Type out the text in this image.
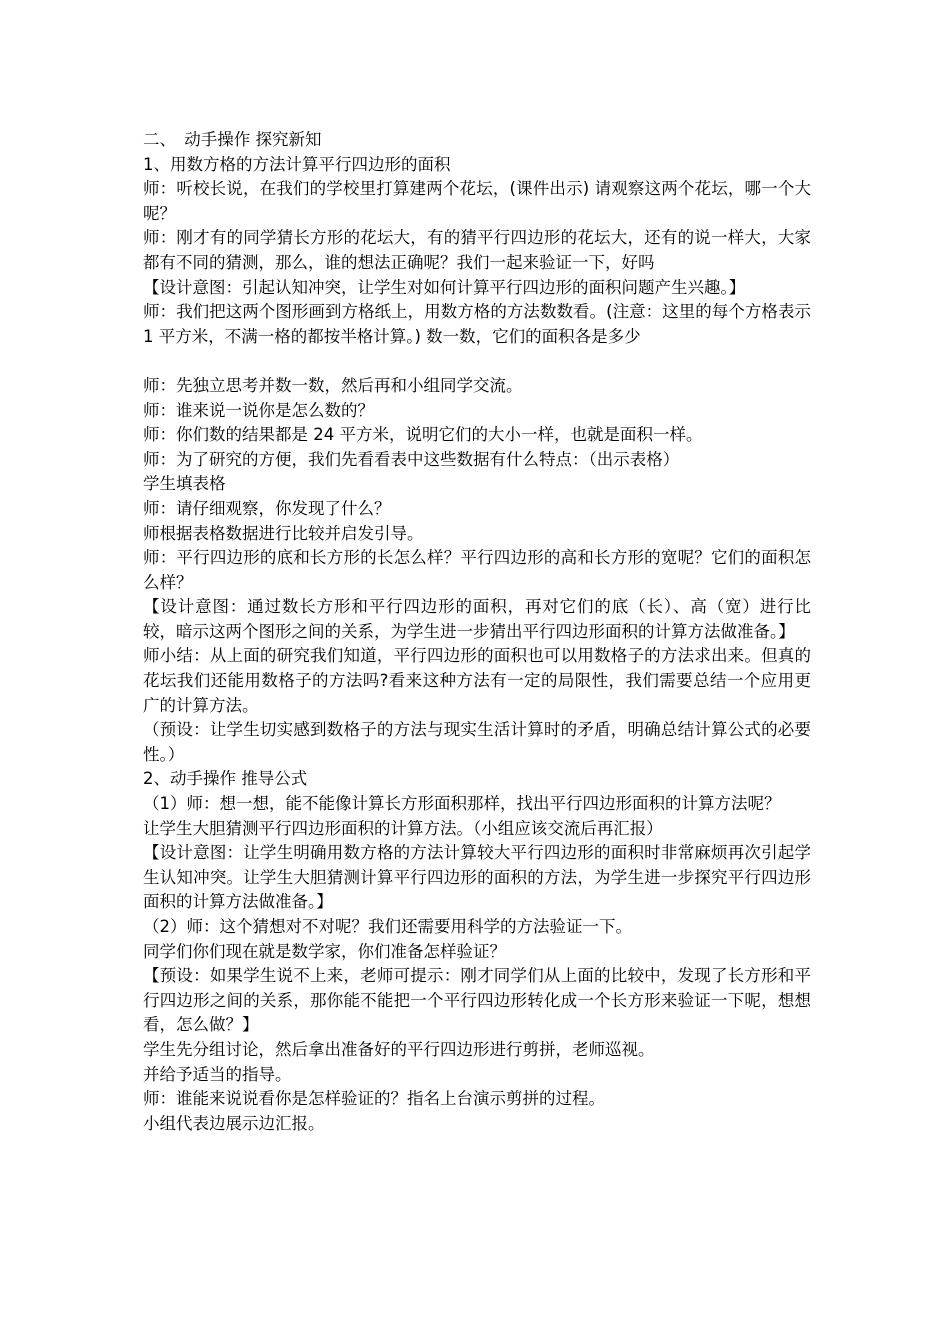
二、　动手操作 探究新知

1、用数方格的方法计算平行四边形的面积

师：听校长说，在我们的学校里打算建两个花坛，(课件出示) 请观察这两个花坛，哪一个大呢？

师：刚才有的同学猜长方形的花坛大，有的猜平行四边形的花坛大，还有的说一样大，大家都有不同的猜测，那么，谁的想法正确呢？我们一起来验证一下，好吗

【设计意图：引起认知冲突，让学生对如何计算平行四边形的面积问题产生兴趣。】

师：我们把这两个图形画到方格纸上，用数方格的方法数数看。(注意：这里的每个方格表示 1 平方米，不满一格的都按半格计算。) 数一数，它们的面积各是多少

师：先独立思考并数一数，然后再和小组同学交流。

师：谁来说一说你是怎么数的？

师：你们数的结果都是 24 平方米，说明它们的大小一样，也就是面积一样。

师：为了研究的方便，我们先看看表中这些数据有什么特点：（出示表格）

学生填表格

师：请仔细观察，你发现了什么？

师根据表格数据进行比较并启发引导。

师：平行四边形的底和长方形的长怎么样？平行四边形的高和长方形的宽呢？它们的面积怎么样？

【设计意图：通过数长方形和平行四边形的面积，再对它们的底（长）、高（宽）进行比较，暗示这两个图形之间的关系，为学生进一步猜出平行四边形面积的计算方法做准备。】

师小结：从上面的研究我们知道，平行四边形的面积也可以用数格子的方法求出来。但真的花坛我们还能用数格子的方法吗?看来这种方法有一定的局限性，我们需要总结一个应用更广的计算方法。

（预设：让学生切实感到数格子的方法与现实生活计算时的矛盾，明确总结计算公式的必要性。）

2、动手操作 推导公式

（1）师：想一想，能不能像计算长方形面积那样，找出平行四边形面积的计算方法呢？

让学生大胆猜测平行四边形面积的计算方法。（小组应该交流后再汇报）

【设计意图：让学生明确用数方格的方法计算较大平行四边形的面积时非常麻烦再次引起学生认知冲突。让学生大胆猜测计算平行四边形的面积的方法，为学生进一步探究平行四边形面积的计算方法做准备。】

（2）师：这个猜想对不对呢？我们还需要用科学的方法验证一下。

同学们你们现在就是数学家，你们准备怎样验证？

【预设：如果学生说不上来，老师可提示：刚才同学们从上面的比较中，发现了长方形和平行四边形之间的关系，那你能不能把一个平行四边形转化成一个长方形来验证一下呢，想想看，怎么做？】

学生先分组讨论，然后拿出准备好的平行四边形进行剪拼，老师巡视。

并给予适当的指导。

师：谁能来说说看你是怎样验证的？指名上台演示剪拼的过程。

小组代表边展示边汇报。
